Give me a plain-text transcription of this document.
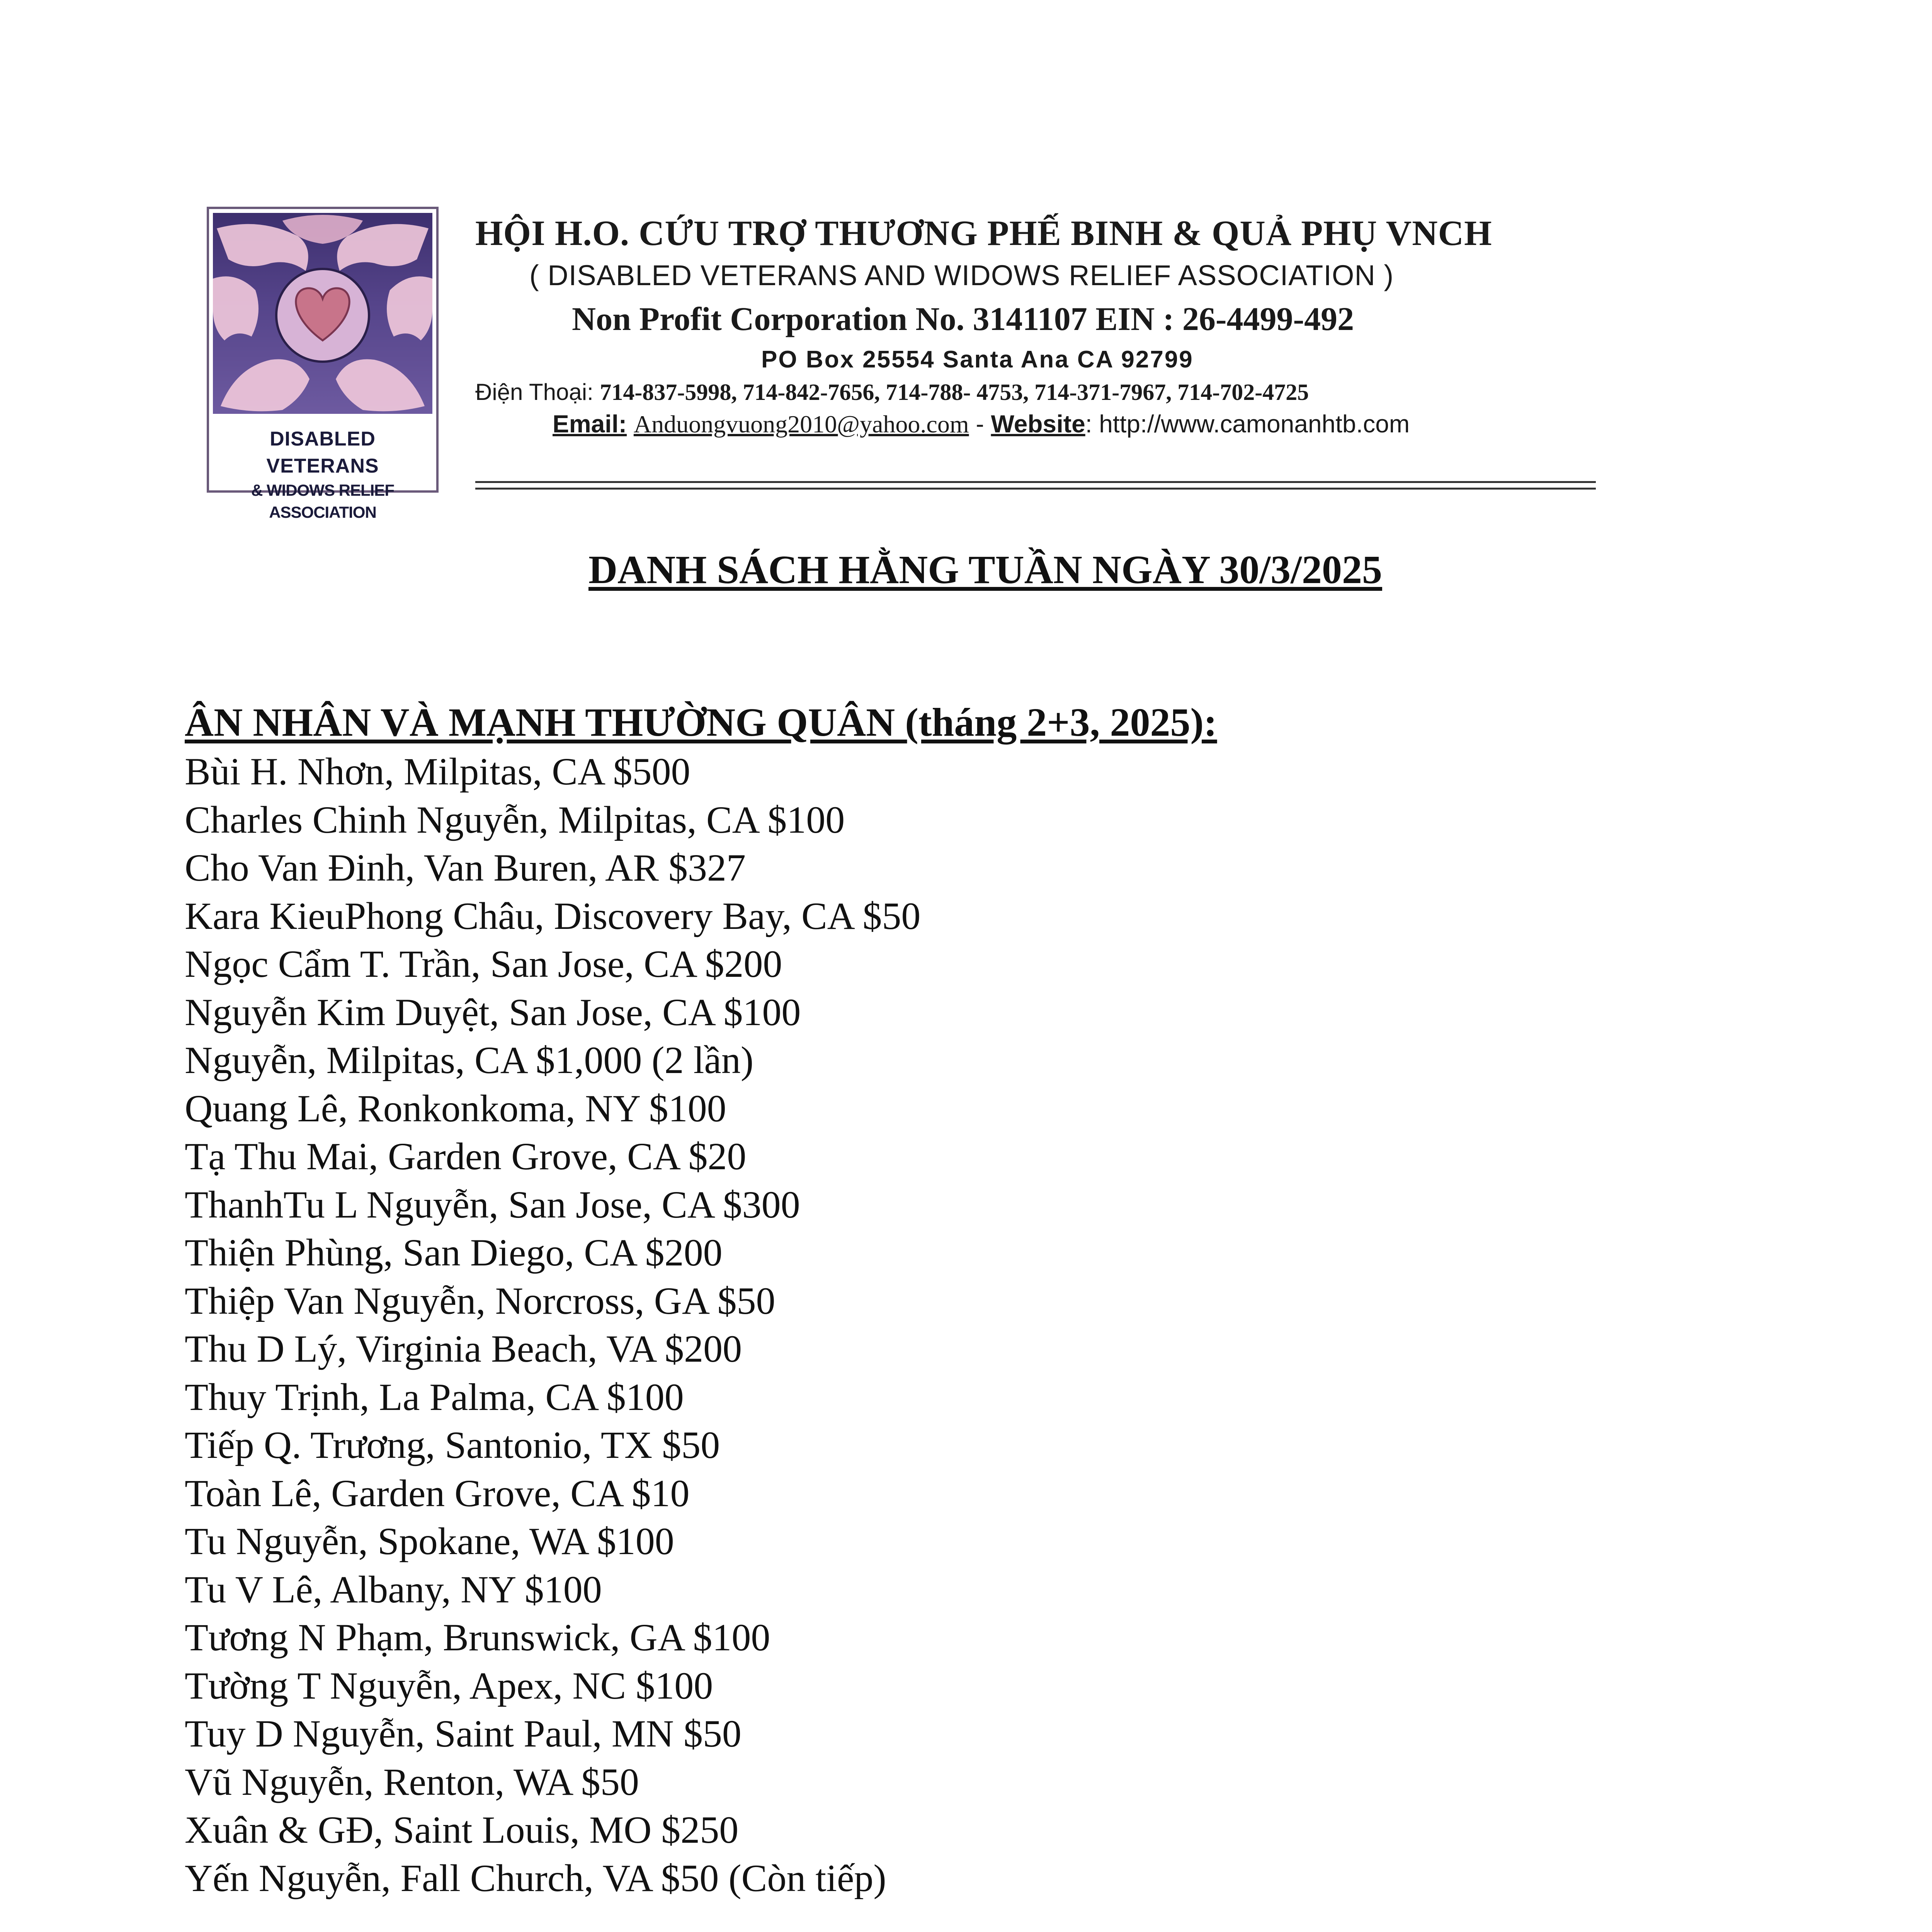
DISABLED VETERANS
& WIDOWS RELIEF ASSOCIATION
HỘI H.O. CỨU TRỢ THƯƠNG PHẾ BINH & QUẢ PHỤ VNCH
( DISABLED VETERANS AND WIDOWS RELIEF ASSOCIATION )
Non Profit Corporation No. 3141107 EIN : 26-4499-492
PO Box 25554 Santa Ana CA 92799
Điện Thoại: 714-837-5998, 714-842-7656, 714-788- 4753, 714-371-7967, 714-702-4725
Email: Anduongvuong2010@yahoo.com - Website: http://www.camonanhtb.com
DANH SÁCH HẰNG TUẦN NGÀY 30/3/2025
ÂN NHÂN VÀ MẠNH THƯỜNG QUÂN (tháng 2+3, 2025):
Bùi H. Nhơn, Milpitas, CA $500
Charles Chinh Nguyễn, Milpitas, CA $100
Cho Van Đinh, Van Buren, AR $327
Kara KieuPhong Châu, Discovery Bay, CA $50
Ngọc Cẩm T. Trần, San Jose, CA $200
Nguyễn Kim Duyệt, San Jose, CA $100
Nguyễn, Milpitas, CA $1,000 (2 lần)
Quang Lê, Ronkonkoma, NY $100
Tạ Thu Mai, Garden Grove, CA $20
ThanhTu L Nguyễn, San Jose, CA $300
Thiện Phùng, San Diego, CA $200
Thiệp Van Nguyễn, Norcross, GA $50
Thu D Lý, Virginia Beach, VA $200
Thuy Trịnh, La Palma, CA $100
Tiếp Q. Trương, Santonio, TX $50
Toàn Lê, Garden Grove, CA $10
Tu Nguyễn, Spokane, WA $100
Tu V Lê, Albany, NY $100
Tương N Phạm, Brunswick, GA $100
Tường T Nguyễn, Apex, NC $100
Tuy D Nguyễn, Saint Paul, MN $50
Vũ Nguyễn, Renton, WA $50
Xuân & GĐ, Saint Louis, MO $250
Yến Nguyễn, Fall Church, VA $50 (Còn tiếp)
